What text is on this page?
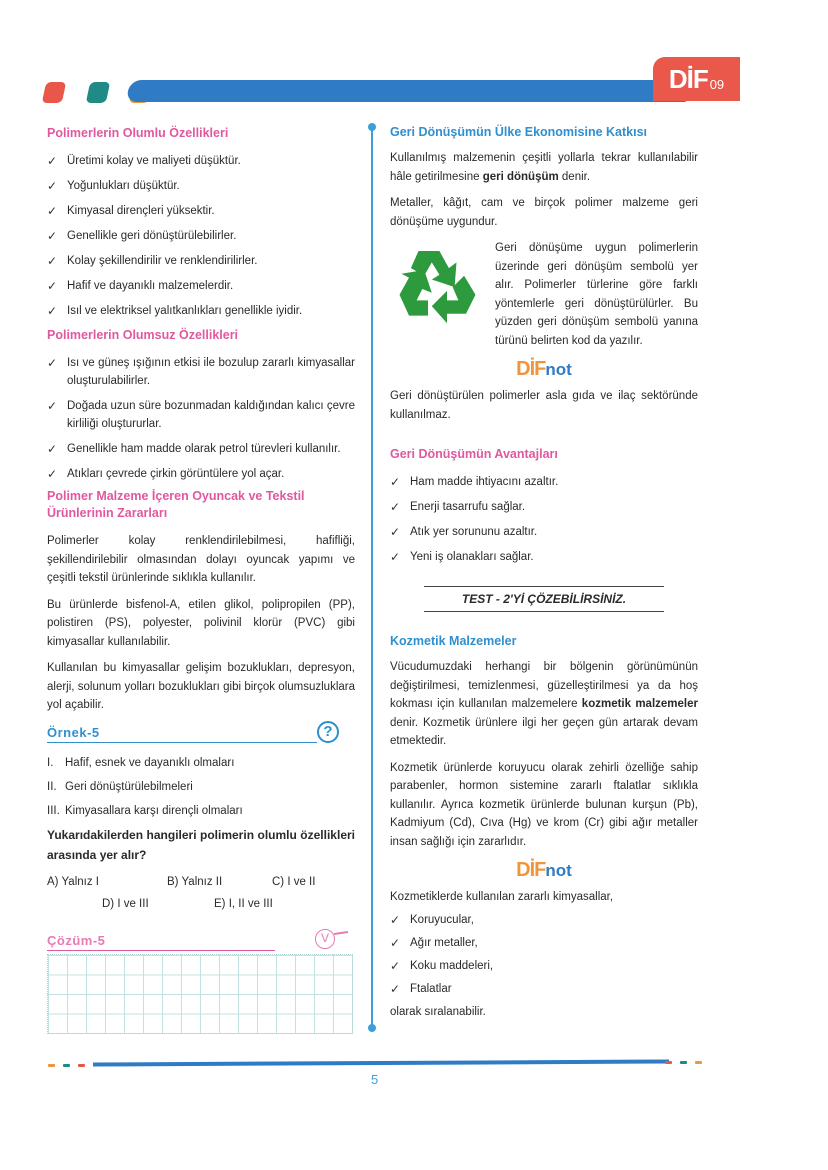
DİF 09
Polimerlerin Olumlu Özellikleri
✓ Üretimi kolay ve maliyeti düşüktür.
✓ Yoğunlukları düşüktür.
✓ Kimyasal dirençleri yüksektir.
✓ Genellikle geri dönüştürülebilirler.
✓ Kolay şekillendirilir ve renklendirilirler.
✓ Hafif ve dayanıklı malzemelerdir.
✓ Isıl ve elektriksel yalıtkanlıkları genellikle iyidir.
Polimerlerin Olumsuz Özellikleri
✓ Isı ve güneş ışığının etkisi ile bozulup zararlı kimyasallar oluşturulabilirler.
✓ Doğada uzun süre bozunmadan kaldığından kalıcı çevre kirliliği oluştururlar.
✓ Genellikle ham madde olarak petrol türevleri kullanılır.
✓ Atıkları çevrede çirkin görüntülere yol açar.
Polimer Malzeme İçeren Oyuncak ve Tekstil Ürünlerinin Zararları

Polimerler kolay renklendirilebilmesi, hafifliği, şekillendirilebilir olmasından dolayı oyuncak yapımı ve çeşitli tekstil ürünlerinde sıklıkla kullanılır.

Bu ürünlerde bisfenol-A, etilen glikol, polipropilen (PP), polistiren (PS), polyester, polivinil klorür (PVC) gibi kimyasallar kullanılabilir.

Kullanılan bu kimyasallar gelişim bozuklukları, depresyon, alerji, solunum yolları bozuklukları gibi birçok olumsuzluklara yol açabilir.

Örnek-5	?
I.	Hafif, esnek ve dayanıklı olmaları
II. Geri dönüştürülebilmeleri
III. Kimyasallara karşı dirençli olmaları

Yukarıdakilerden hangileri polimerin olumlu özellikleri arasında yer alır?

A) Yalnız I	B) Yalnız II	C) I ve II
D) I ve III	E) I, II ve III
Çözüm-5	V
Geri Dönüşümün Ülke Ekonomisine Katkısı

Kullanılmış malzemenin çeşitli yollarla tekrar kullanılabilir hâle getirilmesine geri dönüşüm denir.

Metaller, kâğıt, cam ve birçok polimer malzeme geri dönüşüme uygundur.

Geri dönüşüme uygun polimerlerin üzerinde geri dönüşüm sembolü yer alır. Polimerler türlerine göre farklı yöntemlerle geri dönüştürülürler. Bu yüzden geri dönüşüm sembolü yanına türünü belirten kod da yazılır.

DİFnot

Geri dönüştürülen polimerler asla gıda ve ilaç sektöründe kullanılmaz.

Geri Dönüşümün Avantajları
✓ Ham madde ihtiyacını azaltır.
✓ Enerji tasarrufu sağlar.
✓ Atık yer sorununu azaltır.
✓ Yeni iş olanakları sağlar.
TEST - 2'Yİ ÇÖZEBİLİRSİNİZ.
Kozmetik Malzemeler

Vücudumuzdaki herhangi bir bölgenin görünümünün değiştirilmesi, temizlenmesi, güzelleştirilmesi ya da hoş kokması için kullanılan malzemelere kozmetik malzemeler denir. Kozmetik ürünlere ilgi her geçen gün artarak devam etmektedir.

Kozmetik ürünlerde koruyucu olarak zehirli özelliğe sahip parabenler, hormon sistemine zararlı ftalatlar sıklıkla kullanılır. Ayrıca kozmetik ürünlerde bulunan kurşun (Pb), Kadmiyum (Cd), Cıva (Hg) ve krom (Cr) gibi ağır metaller insan sağlığı için zararlıdır.

DİFnot

Kozmetiklerde kullanılan zararlı kimyasallar,

✓ Koruyucular,
✓ Ağır metaller,
✓ Koku maddeleri,
✓ Ftalatlar

olarak sıralanabilir.

5
